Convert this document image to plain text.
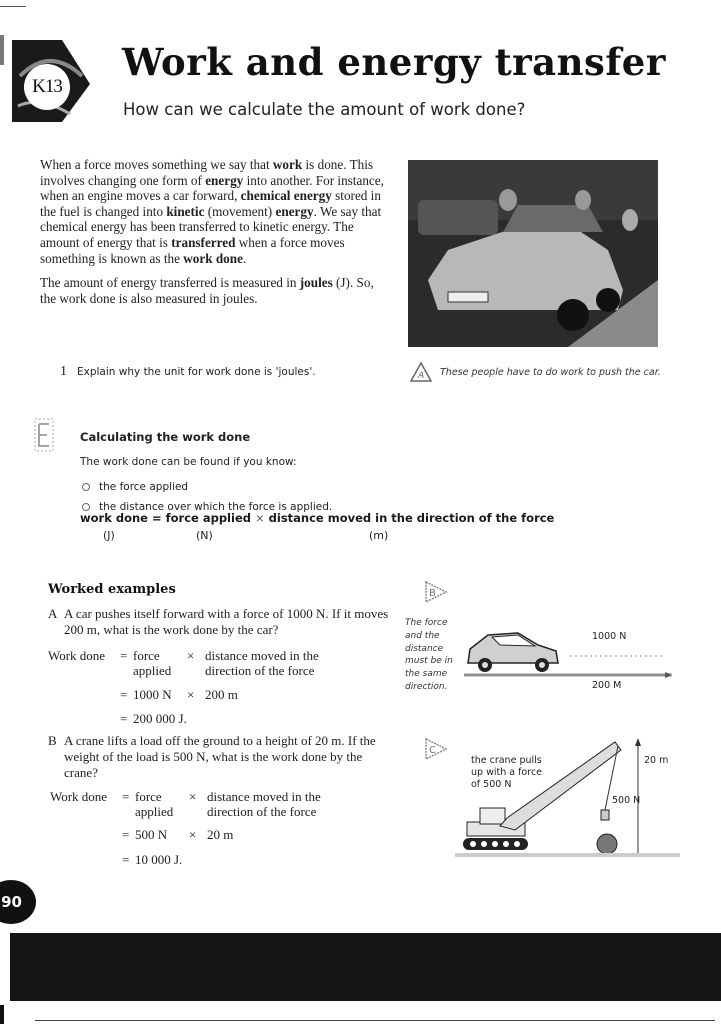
K13
Work and energy transfer
How can we calculate the amount of work done?

When a force moves something we say that work is done. This involves changing one form of energy into another. For instance, when an engine moves a car forward, chemical energy stored in the fuel is changed into kinetic (movement) energy. We say that chemical energy has been transferred to kinetic energy. The amount of energy that is transferred when a force moves something is known as the work done.

The amount of energy transferred is measured in joules (J). So, the work done is also measured in joules.

A These people have to do work to push the car.
1 Explain why the unit for work done is 'joules'.
Calculating the work done
The work done can be found if you know:
the force applied
the distance over which the force is applied.
work done = force applied × distance moved in the direction of the force
(J)	(N)	(m)
Worked examples
A A car pushes itself forward with a force of 1000 N. If it moves 200 m, what is the work done by the car?
Work done = force
applied
× distance moved in the
direction of the force
= 1000 N × 200 m
= 200 000 J.
B A crane lifts a load off the ground to a height of 20 m. If the weight of the load is 500 N, what is the work done by the crane?
Work done = force
applied
× distance moved in the
direction of the force
= 500 N × 20 m
= 10 000 J.
B
The force and the distance must be in the same direction.
1000 N
200 M
C
the crane pulls up with a force of 500 N
500 N
20 m
90
